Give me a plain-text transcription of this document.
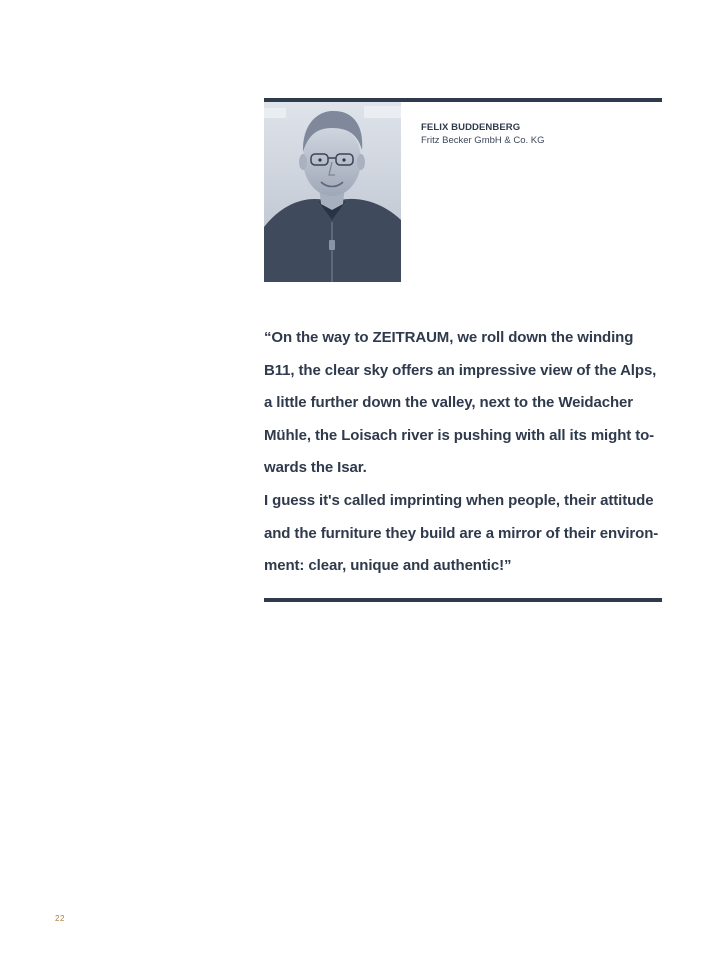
FELIX BUDDENBERG
Fritz Becker GmbH & Co. KG
“On the way to ZEITRAUM, we roll down the winding
B11, the clear sky offers an impressive view of the Alps,
a little further down the valley, next to the Weidacher
Mühle, the Loisach river is pushing with all its might to-
wards the Isar.
I guess it's called imprinting when people, their attitude
and the furniture they build are a mirror of their environ-
ment: clear, unique and authentic!”
22
